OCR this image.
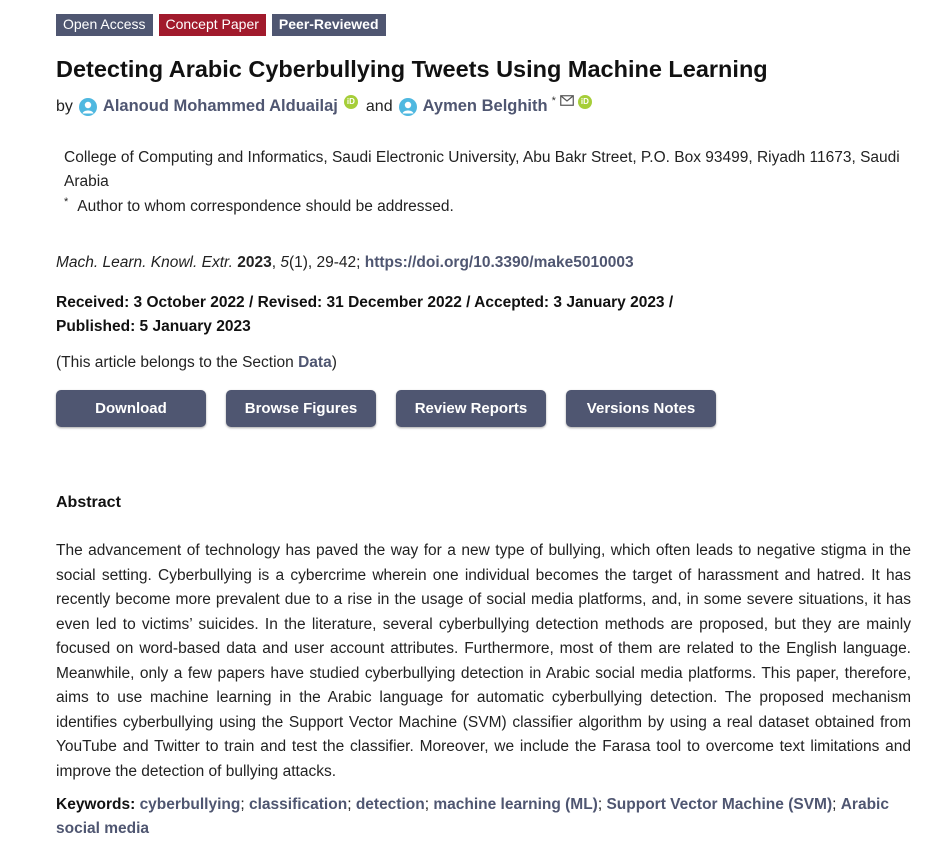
Open Access	Concept Paper	Peer-Reviewed
Detecting Arabic Cyberbullying Tweets Using Machine Learning
by Alanoud Mohammed Alduailaj	iD and Aymen Belghith *	iD
College of Computing and Informatics, Saudi Electronic University, Abu Bakr Street, P.O. Box 93499, Riyadh 11673, Saudi Arabia
* Author to whom correspondence should be addressed.
Mach. Learn. Knowl. Extr. 2023, 5(1), 29-42; https://doi.org/10.3390/make5010003
Received: 3 October 2022 / Revised: 31 December 2022 / Accepted: 3 January 2023 /
Published: 5 January 2023
(This article belongs to the Section Data)
Download	Browse Figures	Review Reports	Versions Notes
Abstract

The advancement of technology has paved the way for a new type of bullying, which often leads to negative stigma in the social setting. Cyberbullying is a cybercrime wherein one individual becomes the target of harassment and hatred. It has recently become more prevalent due to a rise in the usage of social media platforms, and, in some severe situations, it has even led to victims’ suicides. In the literature, several cyberbullying detection methods are proposed, but they are mainly focused on word-based data and user account attributes. Furthermore, most of them are related to the English language. Meanwhile, only a few papers have studied cyberbullying detection in Arabic social media platforms. This paper, therefore, aims to use machine learning in the Arabic language for automatic cyberbullying detection. The proposed mechanism identifies cyberbullying using the Support Vector Machine (SVM) classifier algorithm by using a real dataset obtained from YouTube and Twitter to train and test the classifier. Moreover, we include the Farasa tool to overcome text limitations and improve the detection of bullying attacks.

Keywords: cyberbullying; classification; detection; machine learning (ML); Support Vector Machine (SVM); Arabic social media
